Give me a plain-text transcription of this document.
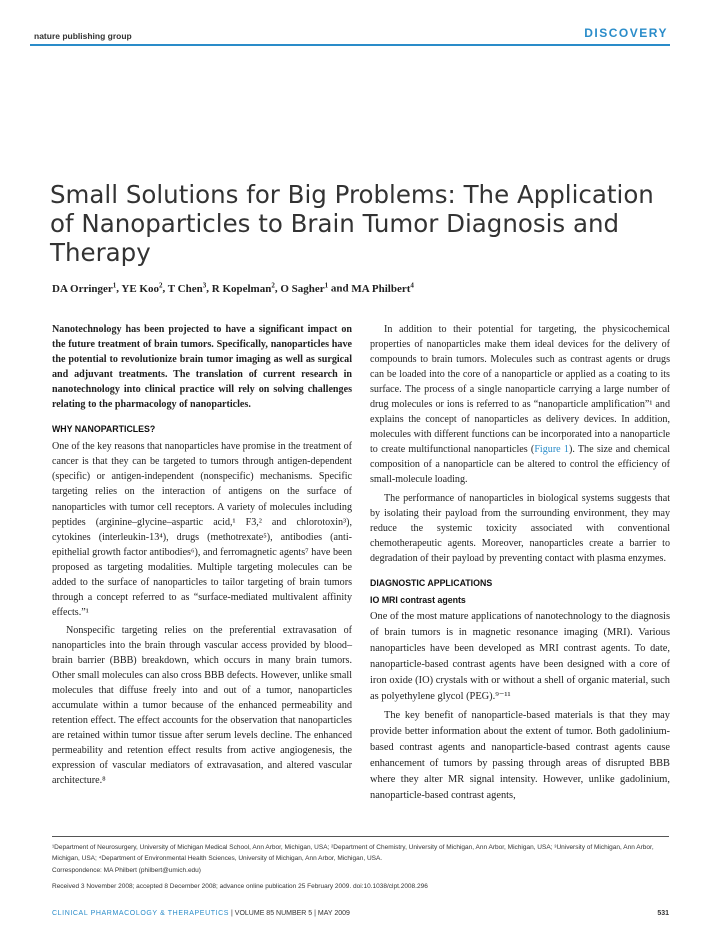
nature publishing group	DISCOVERY
Small Solutions for Big Problems: The Application of Nanoparticles to Brain Tumor Diagnosis and Therapy
DA Orringer$^1$, YE Koo$^2$, T Chen$^3$, R Kopelman$^2$, O Sagher$^1$ and MA Philbert$^4$

Nanotechnology has been projected to have a significant impact on the future treatment of brain tumors. Specifically, nanoparticles have the potential to revolutionize brain tumor imaging as well as surgical and adjuvant treatments. The translation of current research in nanotechnology into clinical practice will rely on solving challenges relating to the pharmacology of nanoparticles.

WHY NANOPARTICLES?

One of the key reasons that nanoparticles have promise in the treatment of cancer is that they can be targeted to tumors through antigen-dependent (specific) or antigen-independent (nonspecific) mechanisms. Specific targeting relies on the interaction of antigens on the surface of nanoparticles with tumor cell receptors. A variety of molecules including peptides (arginine–glycine–aspartic acid,¹ F3,² and chlorotoxin³), cytokines (interleukin-13⁴), drugs (methotrexate⁵), antibodies (anti-epithelial growth factor antibodies⁶), and ferromagnetic agents⁷ have been proposed as targeting modalities. Multiple targeting molecules can be added to the surface of nanoparticles to tailor targeting of brain tumors through a concept referred to as “surface-mediated multivalent affinity effects.”¹

Nonspecific targeting relies on the preferential extravasation of nanoparticles into the brain through vascular access provided by blood–brain barrier (BBB) breakdown, which occurs in many brain tumors. Other small molecules can also cross BBB defects. However, unlike small molecules that diffuse freely into and out of a tumor, nanoparticles accumulate within a tumor because of the enhanced permeability and retention effect. The effect accounts for the observation that nanoparticles are retained within tumor tissue after serum levels decline. The enhanced permeability and retention effect results from active angiogenesis, the expression of vascular mediators of extravasation, and altered vascular architecture.⁸

In addition to their potential for targeting, the physicochemical properties of nanoparticles make them ideal devices for the delivery of compounds to brain tumors. Molecules such as contrast agents or drugs can be loaded into the core of a nanoparticle or applied as a coating to its surface. The process of a single nanoparticle carrying a large number of drug molecules or ions is referred to as “nanoparticle amplification”¹ and explains the concept of nanoparticles as delivery devices. In addition, molecules with different functions can be incorporated into a nanoparticle to create multifunctional nanoparticles (Figure 1). The size and chemical composition of a nanoparticle can be altered to control the efficiency of small-molecule loading.

The performance of nanoparticles in biological systems suggests that by isolating their payload from the surrounding environment, they may reduce the systemic toxicity associated with conventional chemotherapeutic agents. Moreover, nanoparticles create a barrier to degradation of their payload by preventing contact with plasma enzymes.

DIAGNOSTIC APPLICATIONS
IO MRI contrast agents

One of the most mature applications of nanotechnology to the diagnosis of brain tumors is in magnetic resonance imaging (MRI). Various nanoparticles have been developed as MRI contrast agents. To date, nanoparticle-based contrast agents have been designed with a core of iron oxide (IO) crystals with or without a shell of organic material, such as polyethylene glycol (PEG).⁹⁻¹¹

The key benefit of nanoparticle-based materials is that they may provide better information about the extent of tumor. Both gadolinium-based contrast agents and nanoparticle-based contrast agents cause enhancement of tumors by passing through areas of disrupted BBB where they alter MR signal intensity. However, unlike gadolinium, nanoparticle-based contrast agents,

¹Department of Neurosurgery, University of Michigan Medical School, Ann Arbor, Michigan, USA; ²Department of Chemistry, University of Michigan, Ann Arbor, Michigan, USA; ³University of Michigan, Ann Arbor, Michigan, USA; ⁴Department of Environmental Health Sciences, University of Michigan, Ann Arbor, Michigan, USA.
Correspondence: MA Philbert (philbert@umich.edu)
Received 3 November 2008; accepted 8 December 2008; advance online publication 25 February 2009. doi:10.1038/clpt.2008.296
CLINICAL PHARMACOLOGY & THERAPEUTICS | VOLUME 85 NUMBER 5 | MAY 2009	531
